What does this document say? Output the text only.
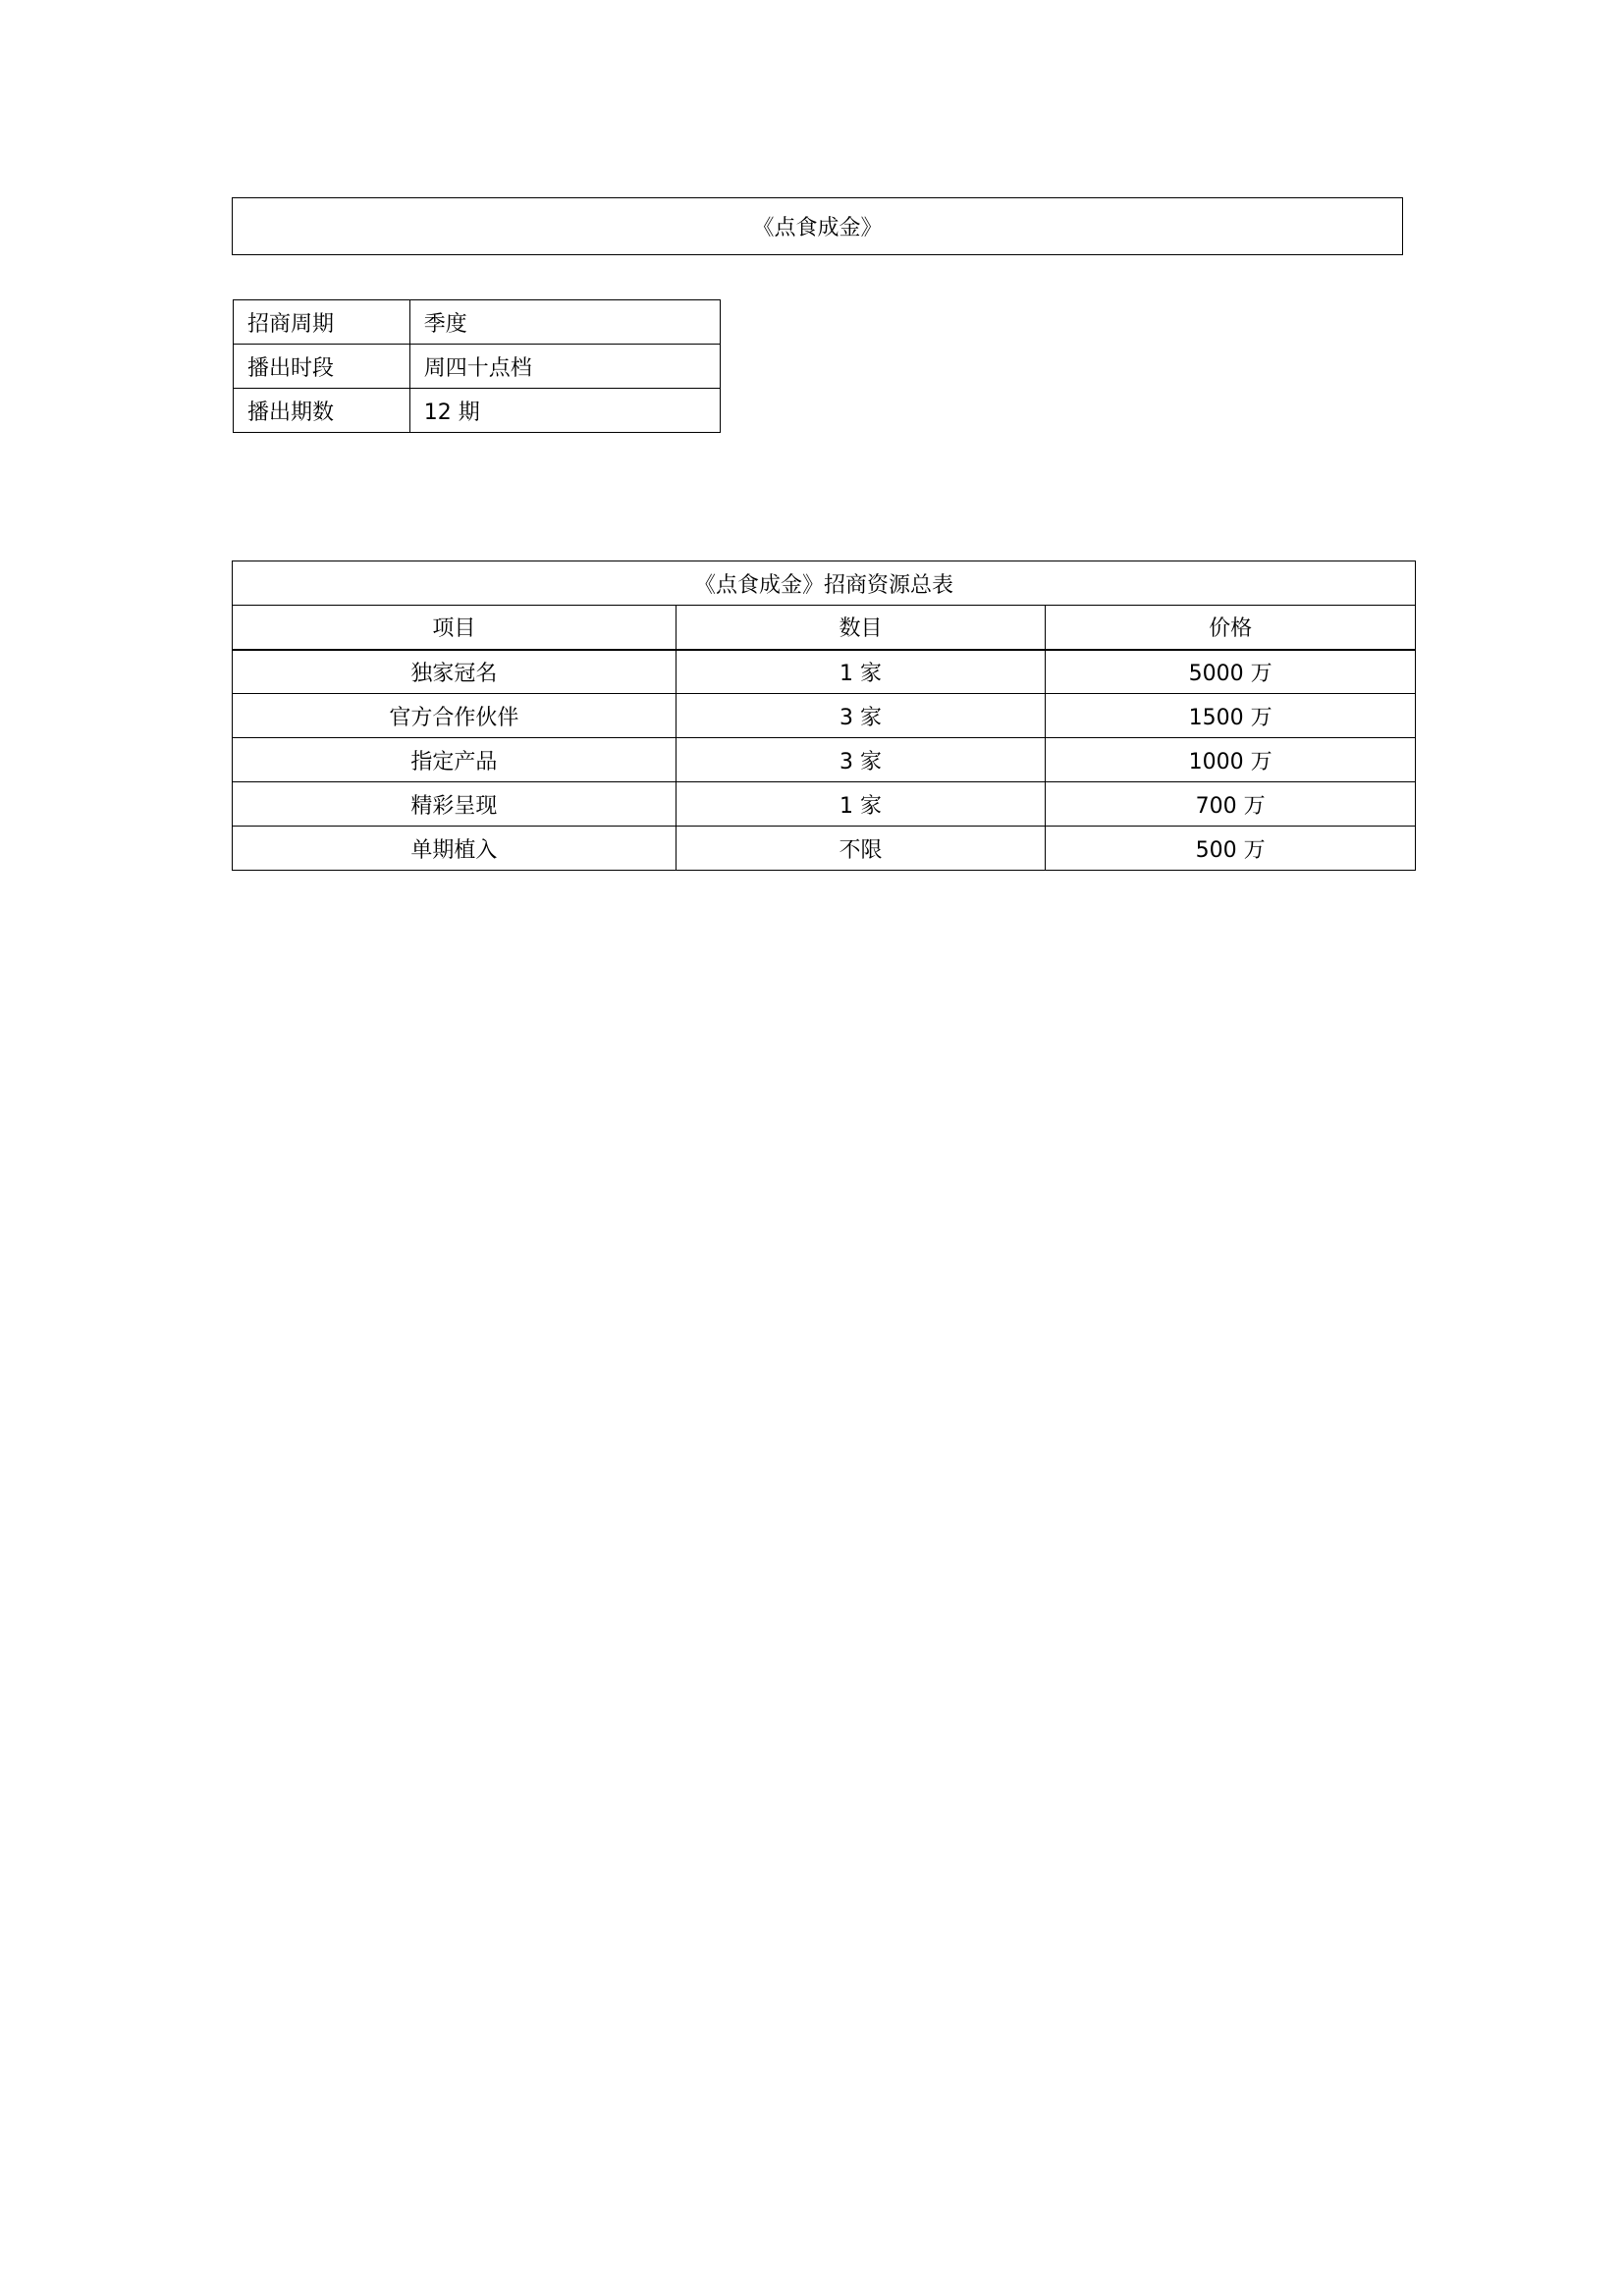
《点食成金》
招商周期	季度
播出时段	周四十点档
播出期数	12 期
《点食成金》招商资源总表		
项目	数目	价格
独家冠名	1 家	5000 万
官方合作伙伴	3 家	1500 万
指定产品	3 家	1000 万
精彩呈现	1 家	700 万
单期植入	不限	500 万
